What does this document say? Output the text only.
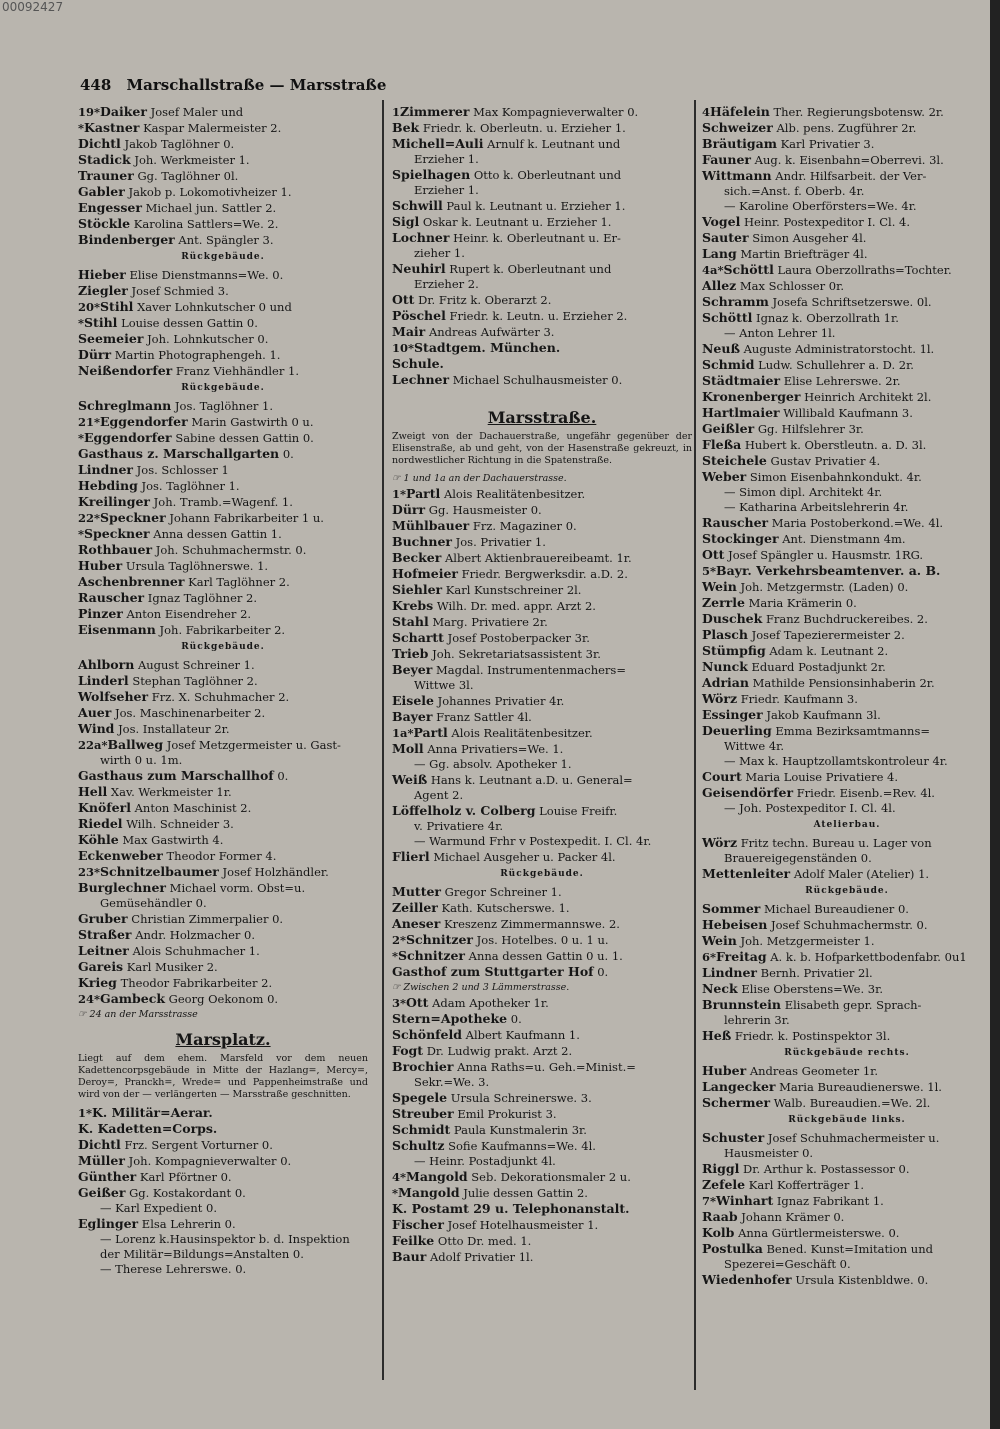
00092427
448 Marschallstraße — Marsstraße
19*Daiker Josef Maler und
*Kastner Kaspar Malermeister 2.
Dichtl Jakob Taglöhner 0.
Stadick Joh. Werkmeister 1.
Trauner Gg. Taglöhner 0l.
Gabler Jakob p. Lokomotivheizer 1.
Engesser Michael jun. Sattler 2.
Stöckle Karolina Sattlers=We. 2.
Bindenberger Ant. Spängler 3.
Rückgebäude.
Hieber Elise Dienstmanns=We. 0.
Ziegler Josef Schmied 3.
20*Stihl Xaver Lohnkutscher 0 und
*Stihl Louise dessen Gattin 0.
Seemeier Joh. Lohnkutscher 0.
Dürr Martin Photographengeh. 1.
Neißendorfer Franz Viehhändler 1.
Rückgebäude.
Schreglmann Jos. Taglöhner 1.
21*Eggendorfer Marin Gastwirth 0 u.
*Eggendorfer Sabine dessen Gattin 0.
Gasthaus z. Marschallgarten 0.
Lindner Jos. Schlosser 1
Hebding Jos. Taglöhner 1.
Kreilinger Joh. Tramb.=Wagenf. 1.
22*Speckner Johann Fabrikarbeiter 1 u.
*Speckner Anna dessen Gattin 1.
Rothbauer Joh. Schuhmachermstr. 0.
Huber Ursula Taglöhnerswe. 1.
Aschenbrenner Karl Taglöhner 2.
Rauscher Ignaz Taglöhner 2.
Pinzer Anton Eisendreher 2.
Eisenmann Joh. Fabrikarbeiter 2.
Rückgebäude.
Ahlborn August Schreiner 1.
Linderl Stephan Taglöhner 2.
Wolfseher Frz. X. Schuhmacher 2.
Auer Jos. Maschinenarbeiter 2.
Wind Jos. Installateur 2r.
22a*Ballweg Josef Metzgermeister u. Gast-
wirth 0 u. 1m.
Gasthaus zum Marschallhof 0.
Hell Xav. Werkmeister 1r.
Knöferl Anton Maschinist 2.
Riedel Wilh. Schneider 3.
Köhle Max Gastwirth 4.
Eckenweber Theodor Former 4.
23*Schnitzelbaumer Josef Holzhändler.
Burglechner Michael vorm. Obst=u.
Gemüsehändler 0.
Gruber Christian Zimmerpalier 0.
Straßer Andr. Holzmacher 0.
Leitner Alois Schuhmacher 1.
Gareis Karl Musiker 2.
Krieg Theodor Fabrikarbeiter 2.
24*Gambeck Georg Oekonom 0.
☞ 24 an der Marsstrasse
Marsplatz.
Liegt auf dem ehem. Marsfeld vor dem neuen Kadettencorpsgebäude in Mitte der Hazlang=, Mercy=, Deroy=, Pranckh=, Wrede= und Pappenheimstraße und wird von der — verlängerten — Marsstraße geschnitten.
1*K. Militär=Aerar.
K. Kadetten=Corps.
Dichtl Frz. Sergent Vorturner 0.
Müller Joh. Kompagnieverwalter 0.
Günther Karl Pförtner 0.
Geißer Gg. Kostakordant 0.
— Karl Expedient 0.
Eglinger Elsa Lehrerin 0.
— Lorenz k.Hausinspektor b. d. Inspektion
der Militär=Bildungs=Anstalten 0.
— Therese Lehrerswe. 0.
1Zimmerer Max Kompagnieverwalter 0.
Bek Friedr. k. Oberleutn. u. Erzieher 1.
Michell=Auli Arnulf k. Leutnant und
Erzieher 1.
Spielhagen Otto k. Oberleutnant und
Erzieher 1.
Schwill Paul k. Leutnant u. Erzieher 1.
Sigl Oskar k. Leutnant u. Erzieher 1.
Lochner Heinr. k. Oberleutnant u. Er-
zieher 1.
Neuhirl Rupert k. Oberleutnant und
Erzieher 2.
Ott Dr. Fritz k. Oberarzt 2.
Pöschel Friedr. k. Leutn. u. Erzieher 2.
Mair Andreas Aufwärter 3.
10*Stadtgem. München.
Schule.
Lechner Michael Schulhausmeister 0.
Marsstraße.
Zweigt von der Dachauerstraße, ungefähr gegenüber der Elisenstraße, ab und geht, von der Hasenstraße gekreuzt, in nordwestlicher Richtung in die Spatenstraße.
☞ 1 und 1a an der Dachauerstrasse.
1*Partl Alois Realitätenbesitzer.
Dürr Gg. Hausmeister 0.
Mühlbauer Frz. Magaziner 0.
Buchner Jos. Privatier 1.
Becker Albert Aktienbrauereibeamt. 1r.
Hofmeier Friedr. Bergwerksdir. a.D. 2.
Siehler Karl Kunstschreiner 2l.
Krebs Wilh. Dr. med. appr. Arzt 2.
Stahl Marg. Privatiere 2r.
Schartt Josef Postoberpacker 3r.
Trieb Joh. Sekretariatsassistent 3r.
Beyer Magdal. Instrumentenmachers=
Wittwe 3l.
Eisele Johannes Privatier 4r.
Bayer Franz Sattler 4l.
1a*Partl Alois Realitätenbesitzer.
Moll Anna Privatiers=We. 1.
— Gg. absolv. Apotheker 1.
Weiß Hans k. Leutnant a.D. u. General=
Agent 2.
Löffelholz v. Colberg Louise Freifr.
v. Privatiere 4r.
— Warmund Frhr v Postexpedit. I. Cl. 4r.
Flierl Michael Ausgeher u. Packer 4l.
Rückgebäude.
Mutter Gregor Schreiner 1.
Zeiller Kath. Kutscherswe. 1.
Aneser Kreszenz Zimmermannswe. 2.
2*Schnitzer Jos. Hotelbes. 0 u. 1 u.
*Schnitzer Anna dessen Gattin 0 u. 1.
Gasthof zum Stuttgarter Hof 0.
☞ Zwischen 2 und 3 Lämmerstrasse.
3*Ott Adam Apotheker 1r.
Stern=Apotheke 0.
Schönfeld Albert Kaufmann 1.
Fogt Dr. Ludwig prakt. Arzt 2.
Brochier Anna Raths=u. Geh.=Minist.=
Sekr.=We. 3.
Spegele Ursula Schreinerswe. 3.
Streuber Emil Prokurist 3.
Schmidt Paula Kunstmalerin 3r.
Schultz Sofie Kaufmanns=We. 4l.
— Heinr. Postadjunkt 4l.
4*Mangold Seb. Dekorationsmaler 2 u.
*Mangold Julie dessen Gattin 2.
K. Postamt 29 u. Telephonanstalt.
Fischer Josef Hotelhausmeister 1.
Feilke Otto Dr. med. 1.
Baur Adolf Privatier 1l.
4Häfelein Ther. Regierungsbotensw. 2r.
Schweizer Alb. pens. Zugführer 2r.
Bräutigam Karl Privatier 3.
Fauner Aug. k. Eisenbahn=Oberrevi. 3l.
Wittmann Andr. Hilfsarbeit. der Ver-
sich.=Anst. f. Oberb. 4r.
— Karoline Oberförsters=We. 4r.
Vogel Heinr. Postexpeditor I. Cl. 4.
Sauter Simon Ausgeher 4l.
Lang Martin Briefträger 4l.
4a*Schöttl Laura Oberzollraths=Tochter.
Allez Max Schlosser 0r.
Schramm Josefa Schriftsetzerswe. 0l.
Schöttl Ignaz k. Oberzollrath 1r.
— Anton Lehrer 1l.
Neuß Auguste Administratorstocht. 1l.
Schmid Ludw. Schullehrer a. D. 2r.
Städtmaier Elise Lehrerswe. 2r.
Kronenberger Heinrich Architekt 2l.
Hartlmaier Willibald Kaufmann 3.
Geißler Gg. Hilfslehrer 3r.
Fleßa Hubert k. Oberstleutn. a. D. 3l.
Steichele Gustav Privatier 4.
Weber Simon Eisenbahnkondukt. 4r.
— Simon dipl. Architekt 4r.
— Katharina Arbeitslehrerin 4r.
Rauscher Maria Postoberkond.=We. 4l.
Stockinger Ant. Dienstmann 4m.
Ott Josef Spängler u. Hausmstr. 1RG.
5*Bayr. Verkehrsbeamtenver. a. B.
Wein Joh. Metzgermstr. (Laden) 0.
Zerrle Maria Krämerin 0.
Duschek Franz Buchdruckereibes. 2.
Plasch Josef Tapezierermeister 2.
Stümpfig Adam k. Leutnant 2.
Nunck Eduard Postadjunkt 2r.
Adrian Mathilde Pensionsinhaberin 2r.
Wörz Friedr. Kaufmann 3.
Essinger Jakob Kaufmann 3l.
Deuerling Emma Bezirksamtmanns=
Wittwe 4r.
— Max k. Hauptzollamtskontroleur 4r.
Court Maria Louise Privatiere 4.
Geisendörfer Friedr. Eisenb.=Rev. 4l.
— Joh. Postexpeditor I. Cl. 4l.
Atelierbau.
Wörz Fritz techn. Bureau u. Lager von
Brauereigegenständen 0.
Mettenleiter Adolf Maler (Atelier) 1.
Rückgebäude.
Sommer Michael Bureaudiener 0.
Hebeisen Josef Schuhmachermstr. 0.
Wein Joh. Metzgermeister 1.
6*Freitag A. k. b. Hofparkettbodenfabr. 0u1
Lindner Bernh. Privatier 2l.
Neck Elise Oberstens=We. 3r.
Brunnstein Elisabeth gepr. Sprach-
lehrerin 3r.
Heß Friedr. k. Postinspektor 3l.
Rückgebäude rechts.
Huber Andreas Geometer 1r.
Langecker Maria Bureaudienerswe. 1l.
Schermer Walb. Bureaudien.=We. 2l.
Rückgebäude links.
Schuster Josef Schuhmachermeister u.
Hausmeister 0.
Riggl Dr. Arthur k. Postassessor 0.
Zefele Karl Kofferträger 1.
7*Winhart Ignaz Fabrikant 1.
Raab Johann Krämer 0.
Kolb Anna Gürtlermeisterswe. 0.
Postulka Bened. Kunst=Imitation und
Spezerei=Geschäft 0.
Wiedenhofer Ursula Kistenbldwe. 0.
